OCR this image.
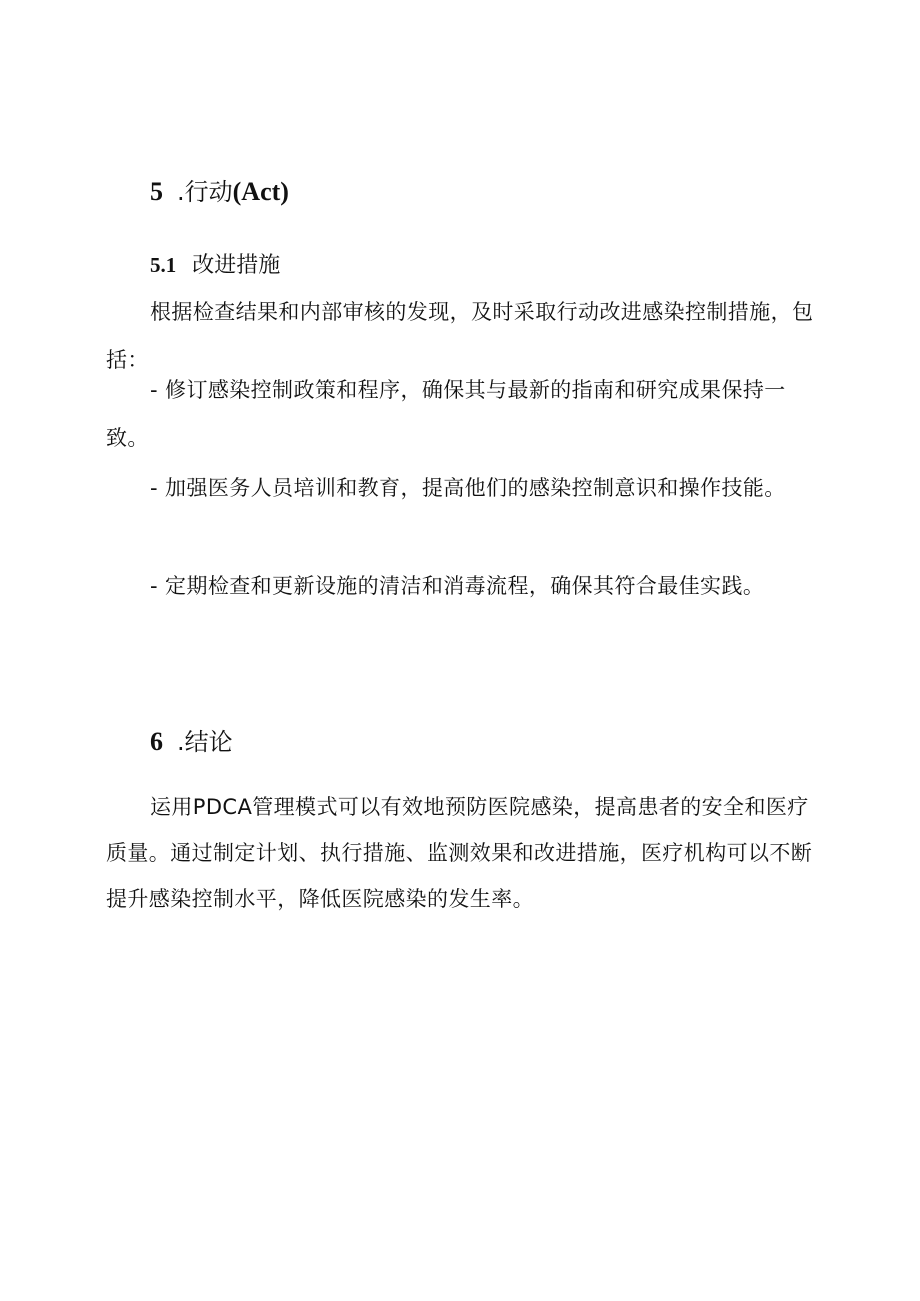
5 .行动(Act)
5.1 改进措施

根据检查结果和内部审核的发现，及时采取行动改进感染控制措施，包括：

- 修订感染控制政策和程序，确保其与最新的指南和研究成果保持一致。

- 加强医务人员培训和教育，提高他们的感染控制意识和操作技能。

- 定期检查和更新设施的清洁和消毒流程，确保其符合最佳实践。

6 .结论

运用PDCA管理模式可以有效地预防医院感染，提高患者的安全和医疗质量。通过制定计划、执行措施、监测效果和改进措施，医疗机构可以不断提升感染控制水平，降低医院感染的发生率。
